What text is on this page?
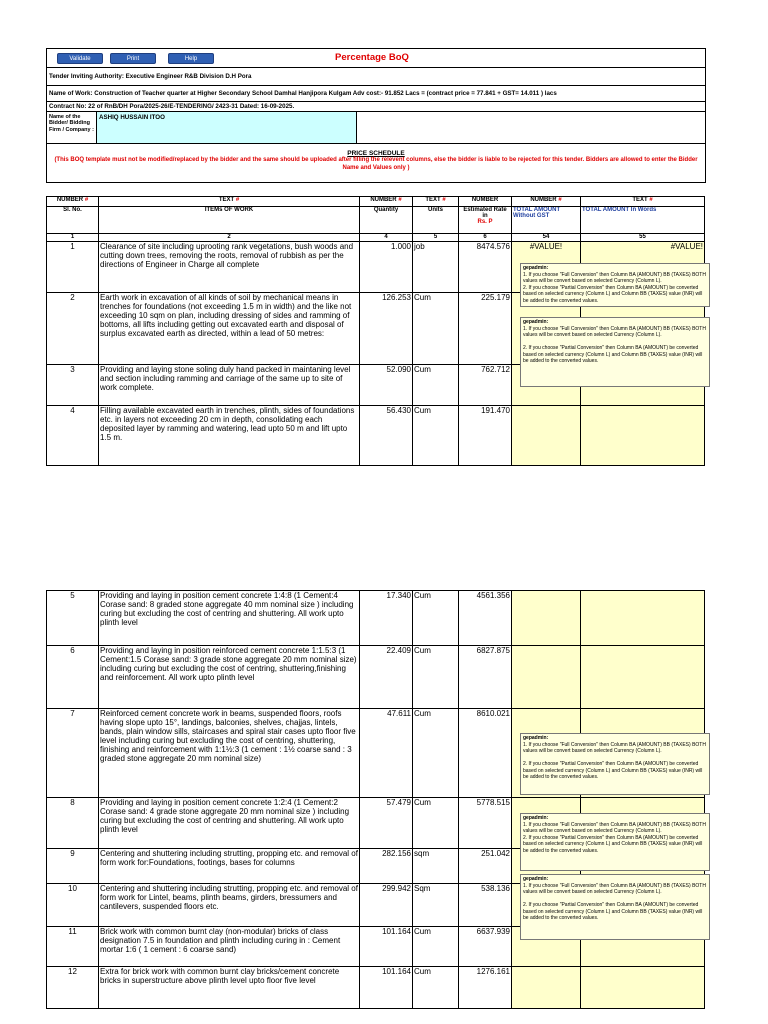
Validate	Print	Help	Percentage BoQ
Tender Inviting Authority: Executive Engineer R&B Division D.H Pora
Name of Work: Construction of Teacher quarter at Higher Secondary School Damhal Hanjipora Kulgam Adv cost:- 91.852 Lacs = (contract price = 77.841 + GST= 14.011 ) lacs
Contract No: 22 of RnB/DH Pora/2025-26/E-TENDERING/ 2423-31 Dated: 16-09-2025.
Name of the Bidder/ Bidding Firm / Company :
ASHIQ HUSSAIN ITOO
PRICE SCHEDULE
(This BOQ template must not be modified/replaced by the bidder and the same should be uploaded after filling the relevent columns, else the bidder is liable to be rejected for this tender. Bidders are allowed to enter the Bidder Name and Values only )
NUMBER #	TEXT #	NUMBER #	TEXT #	NUMBER	NUMBER #	TEXT #
Sl. No.	ITEMs OF WORK	Quantity	Units	Estimated Rate in
Rs. P	TOTAL AMOUNT Without GST	TOTAL AMOUNT In Words
1	2	4	5	6	54	55
1	Clearance of site including uprooting rank vegetations, bush woods and cutting down trees, removing the roots, removal of rubbish as per the directions of Engineer in Charge all complete	1.000	job	8474.576	#VALUE!	#VALUE!
2	Earth work in excavation of all kinds of soil by mechanical means in trenches for foundations (not exceeding 1.5 m in width) and the like not exceeding 10 sqm on plan, including dressing of sides and ramming of bottoms, all lifts including getting out excavated earth and disposal of surplus excavated earth as directed, within a lead of 50 metres:	126.253	Cum	225.179		
3	Providing and laying stone soling duly hand packed in maintaning level and section including ramming and carriage of the same up to site of work complete.	52.090	Cum	762.712		
4	Filling available excavated earth in trenches, plinth, sides of foundations etc. in layers not exceeding 20 cm in depth, consolidating each deposited layer by ramming and watering, lead upto 50 m and lift upto 1.5 m.	56.430	Cum	191.470		
gepadmin:
1. If you choose "Full Conversion" then Column BA (AMOUNT) BB (TAXES) BOTH values will be convert based on selected Currency (Column L).
2. If you choose "Partial Conversion" then Column BA (AMOUNT) be converted based on selected currency (Column L) and Column BB (TAXES) value (INR) will be added to the converted values.
gepadmin:
1. If you choose "Full Conversion" then Column BA (AMOUNT) BB (TAXES) BOTH values will be convert based on selected Currency (Column L).

2. If you choose "Partial Conversion" then Column BA (AMOUNT) be converted based on selected currency (Column L) and Column BB (TAXES) value (INR) will be added to the converted values.
5	Providing and laying in position cement concrete 1:4:8 (1 Cement:4 Corase sand: 8 graded stone aggregate 40 mm nominal size ) including curing but excluding the cost of centring and shuttering. All work upto plinth level	17.340	Cum	4561.356		
6	Providing and laying in position reinforced cement concrete 1:1.5:3 (1 Cement:1.5 Corase sand: 3 grade stone aggregate 20 mm nominal size) including curing but excluding the cost of centring, shuttering,finishing and reinforcement. All work upto plinth level	22.409	Cum	6827.875		
7	Reinforced cement concrete work in beams, suspended floors, roofs having slope upto 15°, landings, balconies, shelves, chajjas, lintels, bands, plain window sills, staircases and spiral stair cases upto floor five level including curing but excluding the cost of centring, shuttering, finishing and reinforcement with 1:1½:3 (1 cement : 1½ coarse sand : 3 graded stone aggregate 20 mm nominal size)	47.611	Cum	8610.021		
8	Providing and laying in position cement concrete 1:2:4 (1 Cement:2 Corase sand: 4 grade stone aggregate 20 mm nominal size ) including curing but excluding the cost of centring and shuttering. All work upto plinth level	57.479	Cum	5778.515		
9	Centering and shuttering including strutting, propping etc. and removal of form work for:Foundations, footings, bases for columns	282.156	sqm	251.042		
10	Centering and shuttering including strutting, propping etc. and removal of form work for Lintel, beams, plinth beams, girders, bressumers and cantilevers, suspended floors etc.	299.942	Sqm	538.136		
11	Brick work with common burnt clay (non-modular) bricks of class designation 7.5 in foundation and plinth including curing in : Cement mortar 1:6 ( 1 cement : 6 coarse sand)	101.164	Cum	6637.939		
12	Extra for brick work with common burnt clay bricks/cement concrete bricks in superstructure above plinth level upto floor five level	101.164	Cum	1276.161		
gepadmin:
1. If you choose "Full Conversion" then Column BA (AMOUNT) BB (TAXES) BOTH values will be convert based on selected Currency (Column L).

2. If you choose "Partial Conversion" then Column BA (AMOUNT) be converted based on selected currency (Column L) and Column BB (TAXES) value (INR) will be added to the converted values.
gepadmin:
1. If you choose "Full Conversion" then Column BA (AMOUNT) BB (TAXES) BOTH values will be convert based on selected Currency (Column L).
2. If you choose "Partial Conversion" then Column BA (AMOUNT) be converted based on selected currency (Column L) and Column BB (TAXES) value (INR) will be added to the converted values.
gepadmin:
1. If you choose "Full Conversion" then Column BA (AMOUNT) BB (TAXES) BOTH values will be convert based on selected Currency (Column L).

2. If you choose "Partial Conversion" then Column BA (AMOUNT) be converted based on selected currency (Column L) and Column BB (TAXES) value (INR) will be added to the converted values.
